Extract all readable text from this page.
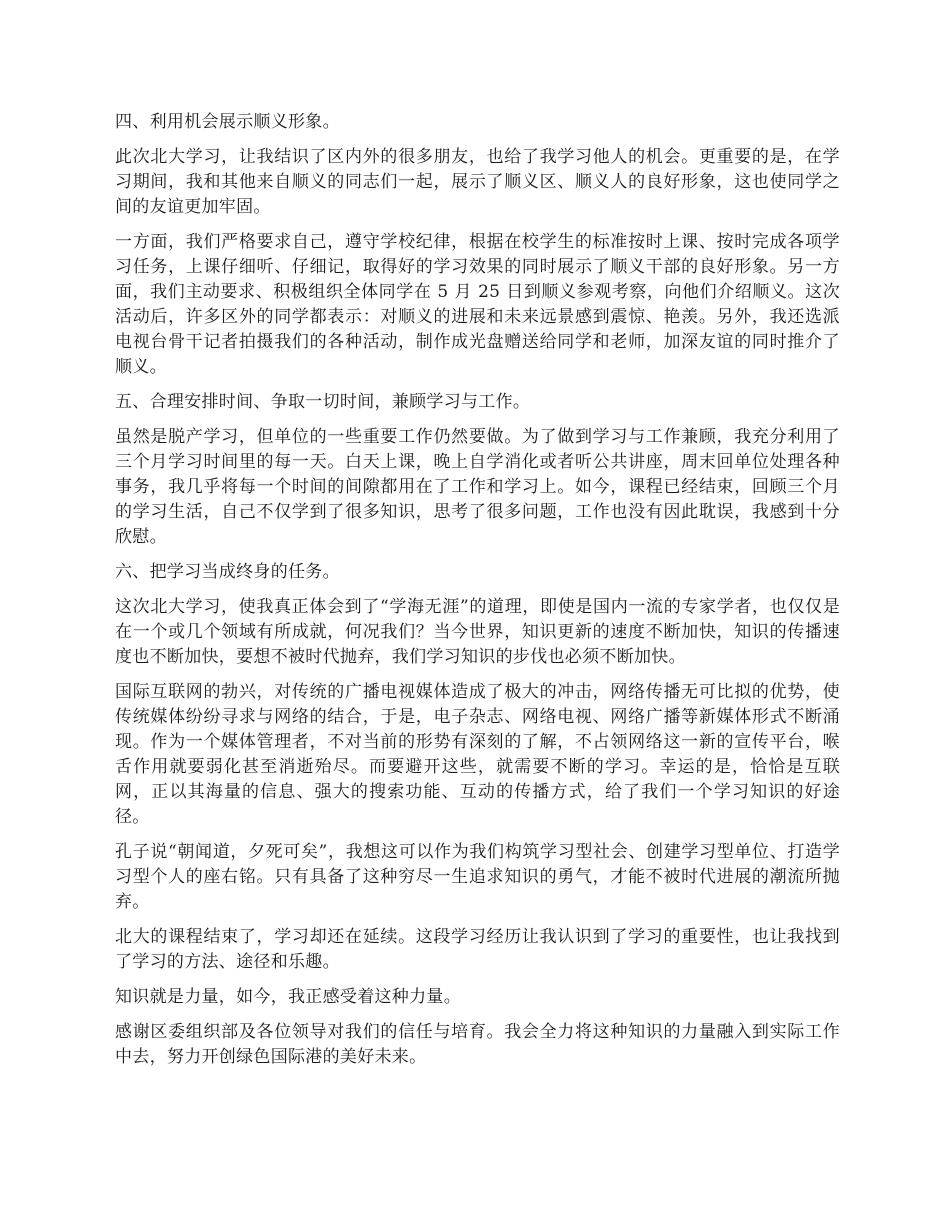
四、利用机会展示顺义形象。

此次北大学习，让我结识了区内外的很多朋友，也给了我学习他人的机会。更重要的是，在学习期间，我和其他来自顺义的同志们一起，展示了顺义区、顺义人的良好形象，这也使同学之间的友谊更加牢固。

一方面，我们严格要求自己，遵守学校纪律，根据在校学生的标准按时上课、按时完成各项学习任务，上课仔细听、仔细记，取得好的学习效果的同时展示了顺义干部的良好形象。另一方面，我们主动要求、积极组织全体同学在 5 月 25 日到顺义参观考察，向他们介绍顺义。这次活动后，许多区外的同学都表示：对顺义的进展和未来远景感到震惊、艳羡。另外，我还选派电视台骨干记者拍摄我们的各种活动，制作成光盘赠送给同学和老师，加深友谊的同时推介了顺义。

五、合理安排时间、争取一切时间，兼顾学习与工作。

虽然是脱产学习，但单位的一些重要工作仍然要做。为了做到学习与工作兼顾，我充分利用了三个月学习时间里的每一天。白天上课，晚上自学消化或者听公共讲座，周末回单位处理各种事务，我几乎将每一个时间的间隙都用在了工作和学习上。如今，课程已经结束，回顾三个月的学习生活，自己不仅学到了很多知识，思考了很多问题，工作也没有因此耽误，我感到十分欣慰。

六、把学习当成终身的任务。

这次北大学习，使我真正体会到了“学海无涯”的道理，即使是国内一流的专家学者，也仅仅是在一个或几个领域有所成就，何况我们？当今世界，知识更新的速度不断加快，知识的传播速度也不断加快，要想不被时代抛弃，我们学习知识的步伐也必须不断加快。

国际互联网的勃兴，对传统的广播电视媒体造成了极大的冲击，网络传播无可比拟的优势，使传统媒体纷纷寻求与网络的结合，于是，电子杂志、网络电视、网络广播等新媒体形式不断涌现。作为一个媒体管理者，不对当前的形势有深刻的了解，不占领网络这一新的宣传平台，喉舌作用就要弱化甚至消逝殆尽。而要避开这些，就需要不断的学习。幸运的是，恰恰是互联网，正以其海量的信息、强大的搜索功能、互动的传播方式，给了我们一个学习知识的好途径。

孔子说“朝闻道，夕死可矣”，我想这可以作为我们构筑学习型社会、创建学习型单位、打造学习型个人的座右铭。只有具备了这种穷尽一生追求知识的勇气，才能不被时代进展的潮流所抛弃。

北大的课程结束了，学习却还在延续。这段学习经历让我认识到了学习的重要性，也让我找到了学习的方法、途径和乐趣。

知识就是力量，如今，我正感受着这种力量。

感谢区委组织部及各位领导对我们的信任与培育。我会全力将这种知识的力量融入到实际工作中去，努力开创绿色国际港的美好未来。
